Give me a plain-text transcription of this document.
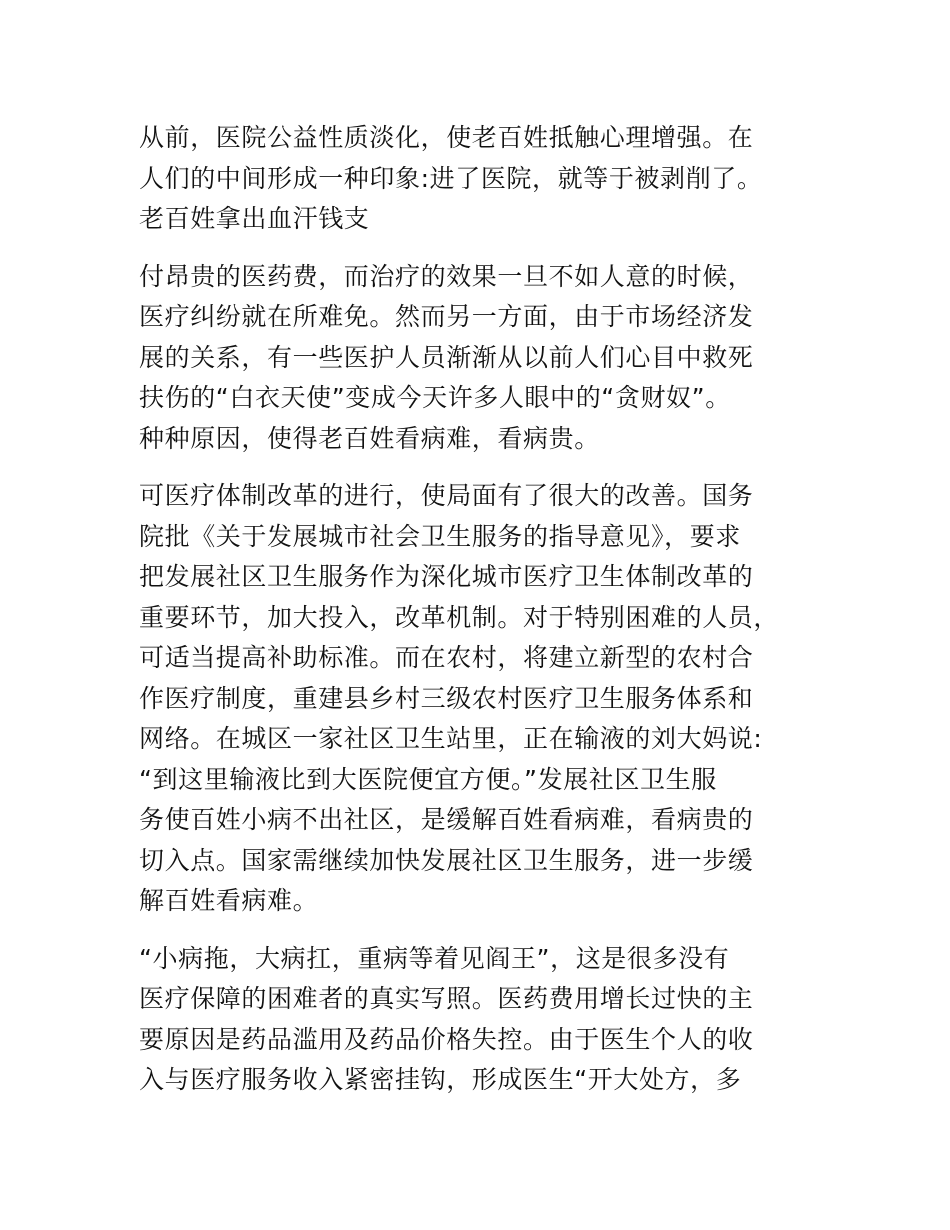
从前，医院公益性质淡化，使老百姓抵触心理增强。在
人们的中间形成一种印象:进了医院，就等于被剥削了。
老百姓拿出血汗钱支

付昂贵的医药费，而治疗的效果一旦不如人意的时候，
医疗纠纷就在所难免。然而另一方面，由于市场经济发
展的关系，有一些医护人员渐渐从以前人们心目中救死
扶伤的“白衣天使”变成今天许多人眼中的“贪财奴”。
种种原因，使得老百姓看病难，看病贵。

可医疗体制改革的进行，使局面有了很大的改善。国务
院批《关于发展城市社会卫生服务的指导意见》，要求
把发展社区卫生服务作为深化城市医疗卫生体制改革的
重要环节，加大投入，改革机制。对于特别困难的人员，
可适当提高补助标准。而在农村，将建立新型的农村合
作医疗制度，重建县乡村三级农村医疗卫生服务体系和
网络。在城区一家社区卫生站里，正在输液的刘大妈说:
“到这里输液比到大医院便宜方便。”发展社区卫生服
务使百姓小病不出社区，是缓解百姓看病难，看病贵的
切入点。国家需继续加快发展社区卫生服务，进一步缓
解百姓看病难。

“小病拖，大病扛，重病等着见阎王”，这是很多没有
医疗保障的困难者的真实写照。医药费用增长过快的主
要原因是药品滥用及药品价格失控。由于医生个人的收
入与医疗服务收入紧密挂钩，形成医生“开大处方，多
